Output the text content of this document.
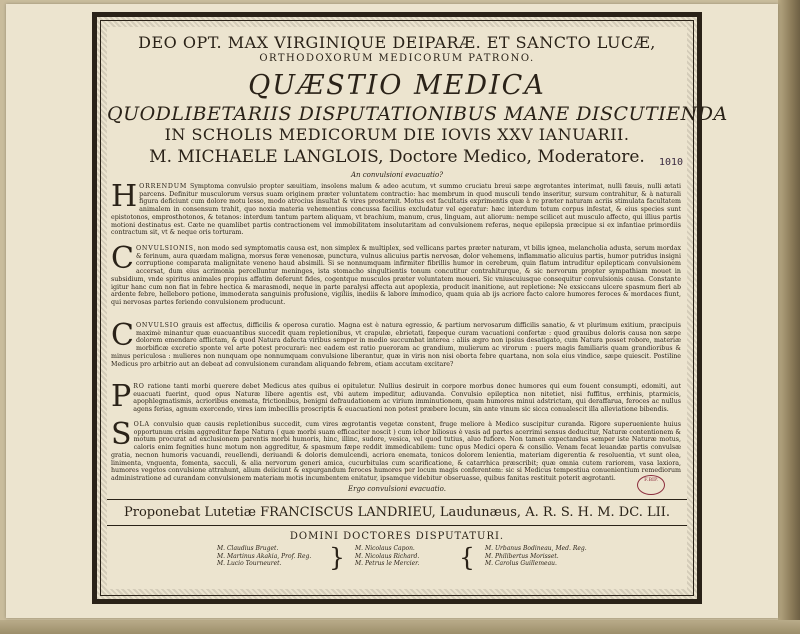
DEO OPT. MAX VIRGINIQUE DEIPARÆ. ET SANCTO LUCÆ,
ORTHODOXORUM MEDICORUM PATRONO.
QUÆSTIO MEDICA
QUODLIBETARIIS DISPUTATIONIBUS MANE DISCUTIENDA
IN SCHOLIS MEDICORUM DIE IOVIS XXV IANUARII.
M. MICHAELE LANGLOIS, Doctore Medico, Moderatore.
An convulsioni evacuatio?
1010
HORRENDUM Symptoma convulsio propter sæuitiam, insolens malum & adeo acutum, vt summo cruciatu breui sæpe ægrotantes interimat, nulli fæuis, nulli ætati parcens. Definitur musculorum versus suam originem præter voluntatem contractio: hac membrum in quod musculi tendo inseritur, sursum contrahitur, & à naturali figura deficiunt cum dolore motu lesso, modo atrocius insultat & vires prosternit. Motus est facultatis exprimentis quæ à re præter naturam acriis stimulata facultatem animalem in consensum trahit, quo noxia materia vehementius concussa facilius excludatur vel egeratur: hæc interdum totum corpus infestat, & eius species sunt epistotonos, emprosthotonos, & tetanos: interdum tantum partem aliquam, vt brachium, manum, crus, linguam, aut aliorum: nempe scilicet aut musculo affecto, qui illius partis motioni destinatus est. Cæte ne quamlibet partis contractionem vel immobilitatem insolutaritam ad convulsionem referas, neque epilepsia præcipue si ex infantiae primordiis contractum sit, vt & neque oris torturam.
CONVULSIONIS, non modo sed symptomatis causa est, non simplex & multiplex, sed vellicans partes præter naturam, vt bilis ignea, melancholia adusta, serum mordax & ferinum, aura quædam maligna, morsus feræ venenosæ, punctura, vulnus alicuius partis nervosæ, dolor vehemens, inflammatio alicuius partis, humor putridus insigni corruptione comparata malignitate veneno haud absimili. Si se nonnumquam infirmiter fibrillis humor in cerebrum, quin flatum intruditur epilepticam convulsionem accersat, dum eius acrimonia percelluntur meninges, ista stomacho singultientis tonum concutitur contrahiturque, & sic nervorum propter sympathiam mouet in subsidium, vnde spiritus animales propius affatim deferunt fides, cogentque musculos præter voluntatem moueri. Sic vniuscuiusque consequitur convulsionis causa. Constante igitur hanc cum non fiat in febre hectica & marasmodi, neque in parte paralysi affecta aut apoplexia, producit inanitione, aut repletione: Ne exsiccans ulcere spasmum fieri ab ardente febre, helleboro potione, immoderata sanguinis profusione, vigiliis, inediis & labore immodico, quam quia ab ijs acriore facto calore humores feroces & mordaces fiunt, qui nervosas partes feriendo convulsionem producunt.
CONVULSIO grauis est affectus, difficilis & operosa curatio. Magna est è natura egressio, & partium nervosarum difficilis sanatio, & vt plurimum exitium, præcipuis maximè minantur quæ euacuantibus succedit quam repletionibus, vt crapulæ, ebrietati, fæpeque curam vacuationi confertæ : quod grauibus doloris causa non sæpe dolorem emendare afflictam, & quod Natura dafecta viribus semper in medio succumbat interea : aliis ægro non ipsius desatigato, cum Natura posset robore, materiæ morbificæ excretio sponte vel arte potest procurari: nec eadem est ratio pueroram ac grandium, mulierum ac virorum : puers magis familiaris quam grandioribus & minus periculosa : mulieres non nunquam ope nonnumquam convulsione liberantur, quæ in viris non nisi oborta febre quartana, non sola eius vindice, sæpe quiescit. Postiline Medicus pro arbitrio aut an debeat ad convulsionem curandam aliquando febrem, etiam accutam excitare?
PRO ratione tanti morbi querere debet Medicus ates quibus ei opituletur. Nullius desiruit in corpore morbus donec humores qui eum fouent consumpti, edomiti, aut euacuati fuerint, quod opus Naturæ libere agentis est, vbi autem impeditur, adiuvanda. Convulsio epileptica non nitetiet, nisi fuffitus, errhinis, ptarmicis, apophlegmatismis, acrioribus enemata, frictionibus, benigni defraudationem ac virium imminutionem, quam humores minui adstrictam, qui deraffarua, feroces ac nullus agens ferias, agnum exercendo, vires iam imbecillis proscriptis & euacuationi non potest præbere locum, sin ante vinum sic sicca conualescit illa alleviatione bibendis.
SOLA convulsio quæ causis repletionibus succedit, cum vires ægrotantis vegetæ constent, fruge meliore à Medico suscipitur curanda. Rigore superueniente huius opportunum crisim aggreditur fæpe Natura ( quæ morbi suam efficaciter noscit ) cum ichor biliosus è vasis ad partes acerrimi sensus deducitur, Naturæ contentionem & motum procurat ad exclusionem parentis morbi humoris, hinc, illinc, sudore, vesica, vel quod tutius, aluo fufiore. Non tamen expectandus semper iste Naturæ motus, caloris enim fegnities hunc motum non aggreditur, & spasmum fæpe reddit immedicabilem: tunc opus Medici opera & consilio. Venam fecat leuandæ partis convulsæ gratia, necnon humoris vacuandi, reuellendi, deriuandi & doloris demulcendi, acriora enemata, tonicos dolorem lenientia, materiam digerentia & resoluentia, vt sunt olea, linimenta, vnguenta, fomenta, sacculi, & alia nervorum generi amica, cucurbitulas cum scarificatione, & catarrhica præscribit; quæ omnia cutem rariorem, vasa laxiora, humores vegetos convulsione attrahunt, alium deiiciunt & expurgandum feroces humores per locum magis conferentem: sic si Medicus tempestiua conuenientium remediorum administratione ad curandam convulsionem materiam motis incumbentem enitatur, ipsamque videbitur obseruasse, quibus fanitas restituit poterit ægrotanti.
Ergo convulsioni evacuatio.
F.BIP.
Proponebat Lutetiæ FRANCISCUS LANDRIEU, Laudunæus, A. R. S. H. M. DC. LII.
DOMINI DOCTORES DISPUTATURI.
M. Claudius Bruget.
M. Martinus Akakia, Prof. Reg.
M. Lucio Tourneuret.	} M. Nicolaus Capon.
M. Nicolaus Richard.
M. Petrus le Mercier. { M. Urbanus Bodineau, Med. Reg.
M. Philibertus Morisset.
M. Carolus Guillemeau.
